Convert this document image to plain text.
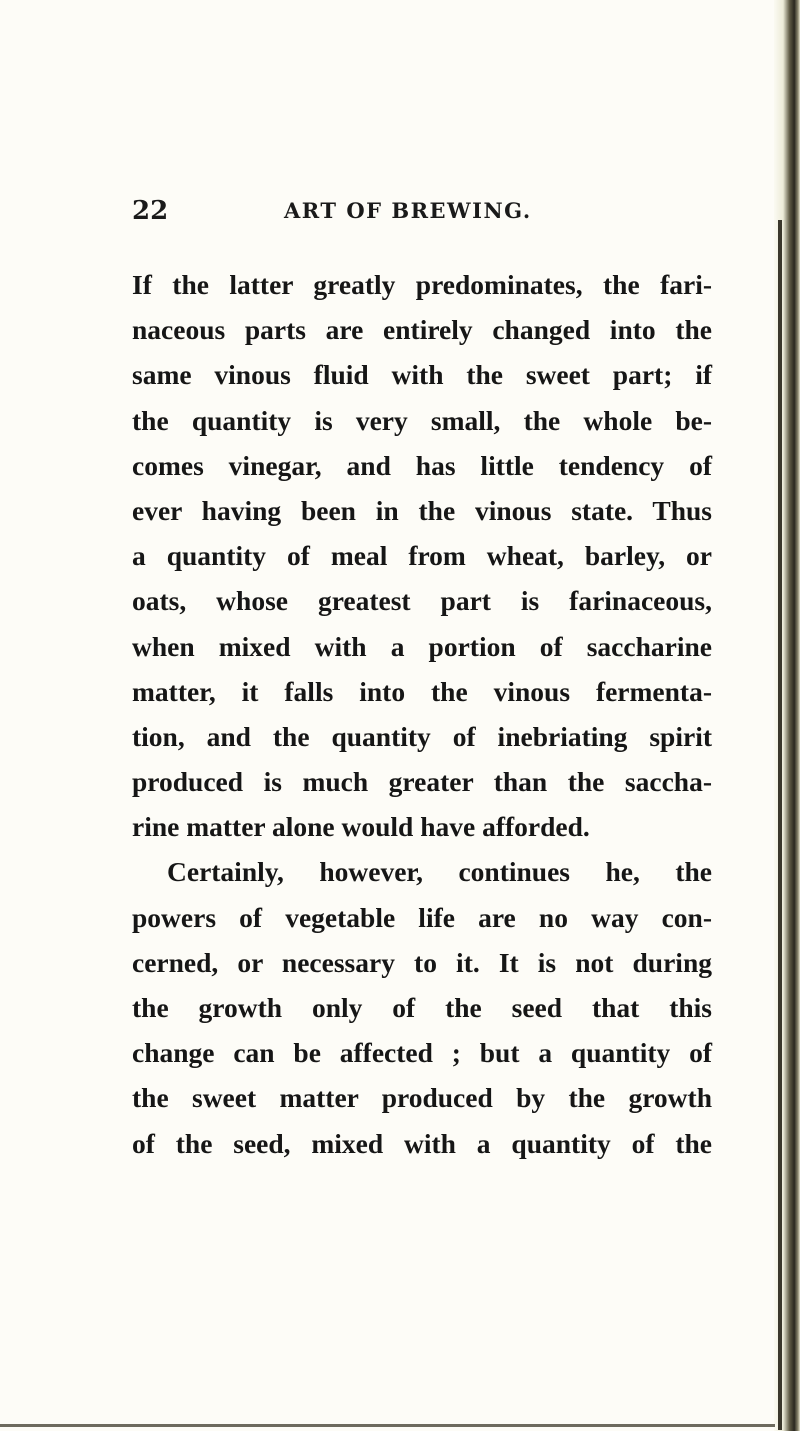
22	ART OF BREWING.
If the latter greatly predominates, the fari-
naceous parts are entirely changed into the
same vinous fluid with the sweet part; if
the quantity is very small, the whole be-
comes vinegar, and has little tendency of
ever having been in the vinous state. Thus
a quantity of meal from wheat, barley, or
oats, whose greatest part is farinaceous,
when mixed with a portion of saccharine
matter, it falls into the vinous fermenta-
tion, and the quantity of inebriating spirit
produced is much greater than the saccha-
rine matter alone would have afforded.
Certainly, however, continues he, the
powers of vegetable life are no way con-
cerned, or necessary to it. It is not during
the growth only of the seed that this
change can be affected ; but a quantity of
the sweet matter produced by the growth
of the seed, mixed with a quantity of the
